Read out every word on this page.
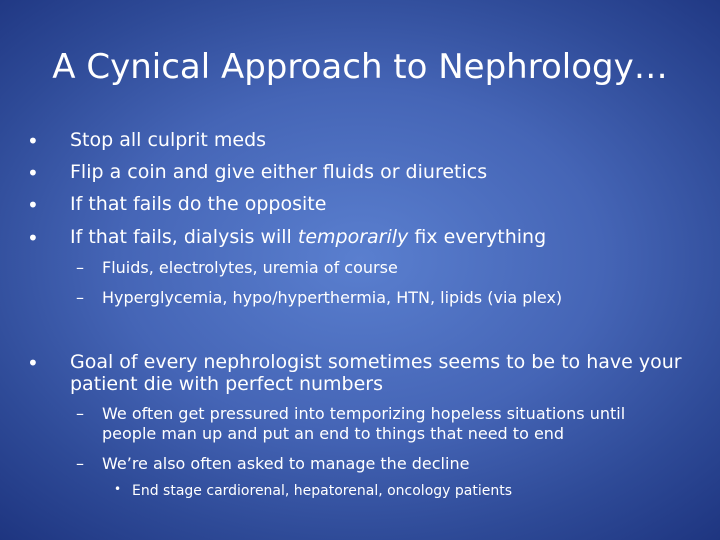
A Cynical Approach to Nephrology…
• Stop all culprit meds
• Flip a coin and give either fluids or diuretics
• If that fails do the opposite
• If that fails, dialysis will temporarily fix everything
– Fluids, electrolytes, uremia of course
– Hyperglycemia, hypo/hyperthermia, HTN, lipids (via plex)
• Goal of every nephrologist sometimes seems to be to have your
patient die with perfect numbers
– We often get pressured into temporizing hopeless situations until
people man up and put an end to things that need to end
– We’re also often asked to manage the decline
• End stage cardiorenal, hepatorenal, oncology patients
